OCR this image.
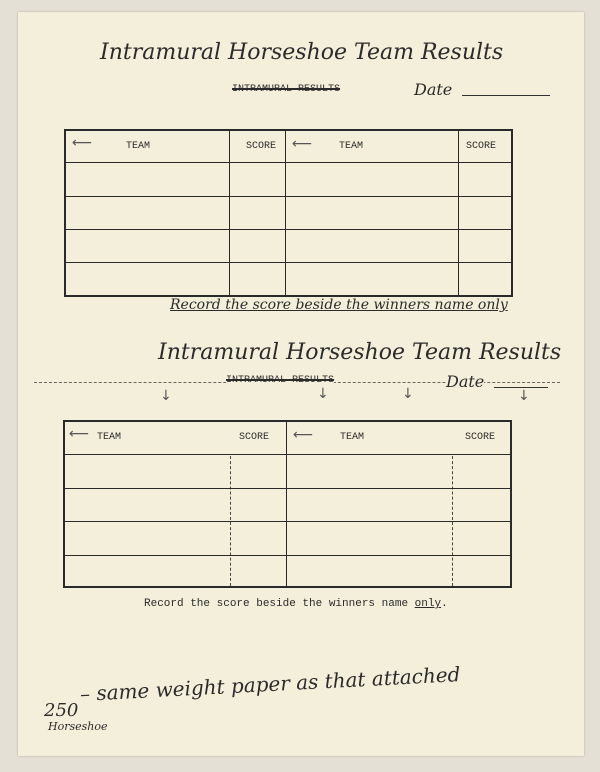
Intramural Horseshoe Team Results
INTRAMURAL RESULTS	Date
⟵	TEAM	SCORE ⟵	TEAM	SCORE
Record the score beside the winners name only
Intramural Horseshoe Team Results
INTRAMURAL RESULTS	Date
↓	↓	↓	↓
⟵ TEAM	SCORE ⟵	TEAM	SCORE
Record the score beside the winners name only.
250
Horseshoe
– same weight paper as that attached
